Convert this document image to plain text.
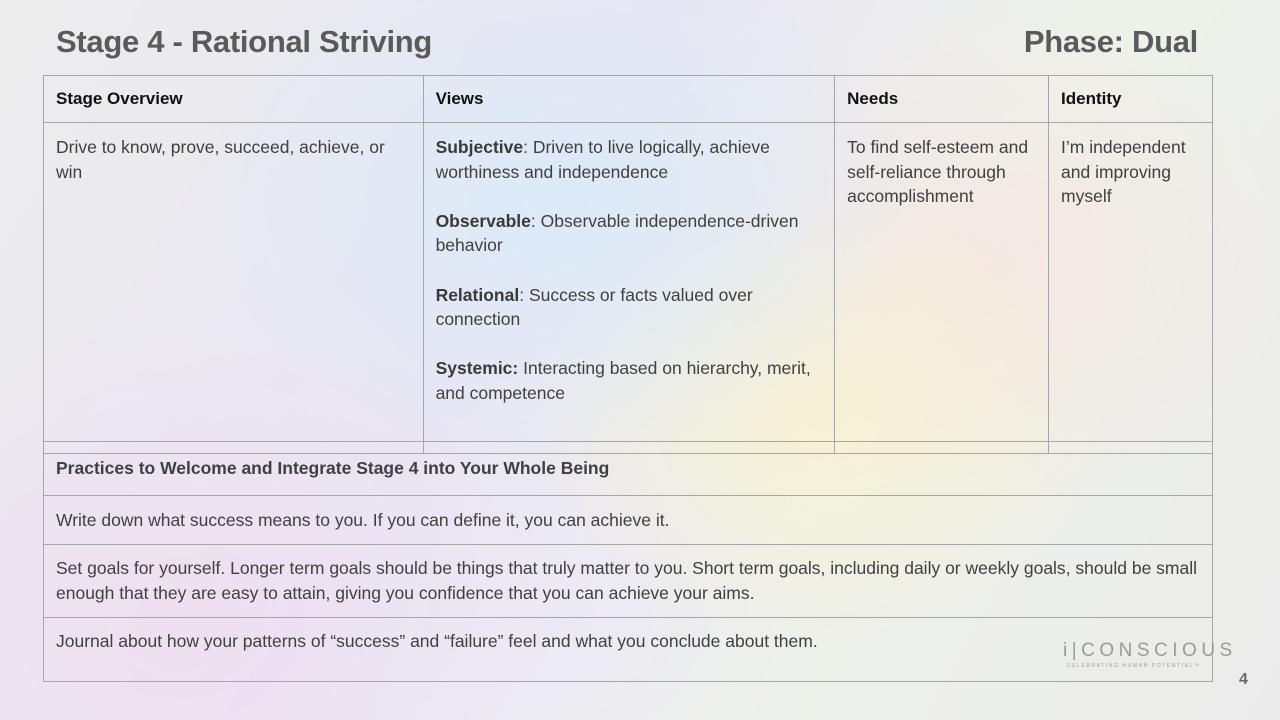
Stage 4 - Rational Striving	Phase: Dual
Stage Overview	Views	Needs	Identity
Drive to know, prove, succeed, achieve, or win	Subjective: Driven to live logically, achieve worthiness and independence

Observable: Observable independence-driven behavior

Relational: Success or facts valued over connection

Systemic: Interacting based on hierarchy, merit, and competence	To find self-esteem and self-reliance through accomplishment	I’m independent and improving myself
Practices to Welcome and Integrate Stage 4 into Your Whole Being
Write down what success means to you. If you can define it, you can achieve it.
Set goals for yourself. Longer term goals should be things that truly matter to you. Short term goals, including daily or weekly goals, should be small enough that they are easy to attain, giving you confidence that you can achieve your aims.
Journal about how your patterns of “success” and “failure” feel and what you conclude about them.	i|CONSCIOUS
CELEBRATING HUMAN POTENTIAL™
4
